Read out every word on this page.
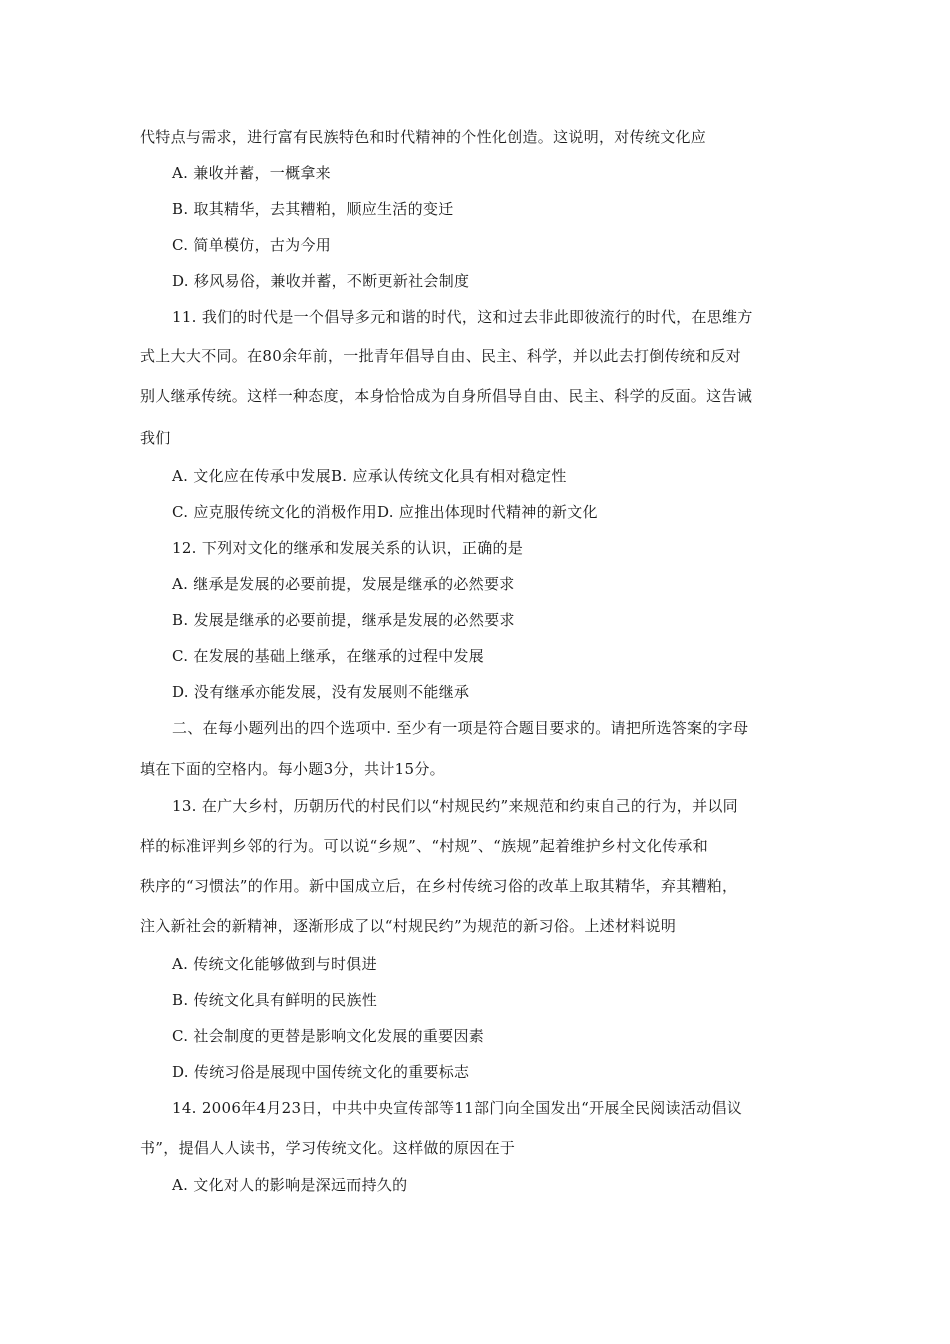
代特点与需求，进行富有民族特色和时代精神的个性化创造。这说明，对传统文化应
A. 兼收并蓄，一概拿来
B. 取其精华，去其糟粕，顺应生活的变迁
C. 简单模仿，古为今用
D. 移风易俗，兼收并蓄，不断更新社会制度
11. 我们的时代是一个倡导多元和谐的时代，这和过去非此即彼流行的时代，在思维方
式上大大不同。在80余年前，一批青年倡导自由、民主、科学，并以此去打倒传统和反对
别人继承传统。这样一种态度，本身恰恰成为自身所倡导自由、民主、科学的反面。这告诫
我们
A. 文化应在传承中发展B. 应承认传统文化具有相对稳定性
C. 应克服传统文化的消极作用D. 应推出体现时代精神的新文化
12. 下列对文化的继承和发展关系的认识，正确的是
A. 继承是发展的必要前提，发展是继承的必然要求
B. 发展是继承的必要前提，继承是发展的必然要求
C. 在发展的基础上继承，在继承的过程中发展
D. 没有继承亦能发展，没有发展则不能继承
二、在每小题列出的四个选项中. 至少有一项是符合题目要求的。请把所选答案的字母
填在下面的空格内。每小题3分，共计15分。
13. 在广大乡村，历朝历代的村民们以“村规民约”来规范和约束自己的行为，并以同
样的标准评判乡邻的行为。可以说“乡规”、“村规”、“族规”起着维护乡村文化传承和
秩序的“习惯法”的作用。新中国成立后，在乡村传统习俗的改革上取其精华，弃其糟粕，
注入新社会的新精神，逐渐形成了以“村规民约”为规范的新习俗。上述材料说明
A. 传统文化能够做到与时俱进
B. 传统文化具有鲜明的民族性
C. 社会制度的更替是影响文化发展的重要因素
D. 传统习俗是展现中国传统文化的重要标志
14. 2006年4月23日，中共中央宣传部等11部门向全国发出“开展全民阅读活动倡议
书”，提倡人人读书，学习传统文化。这样做的原因在于
A. 文化对人的影响是深远而持久的
